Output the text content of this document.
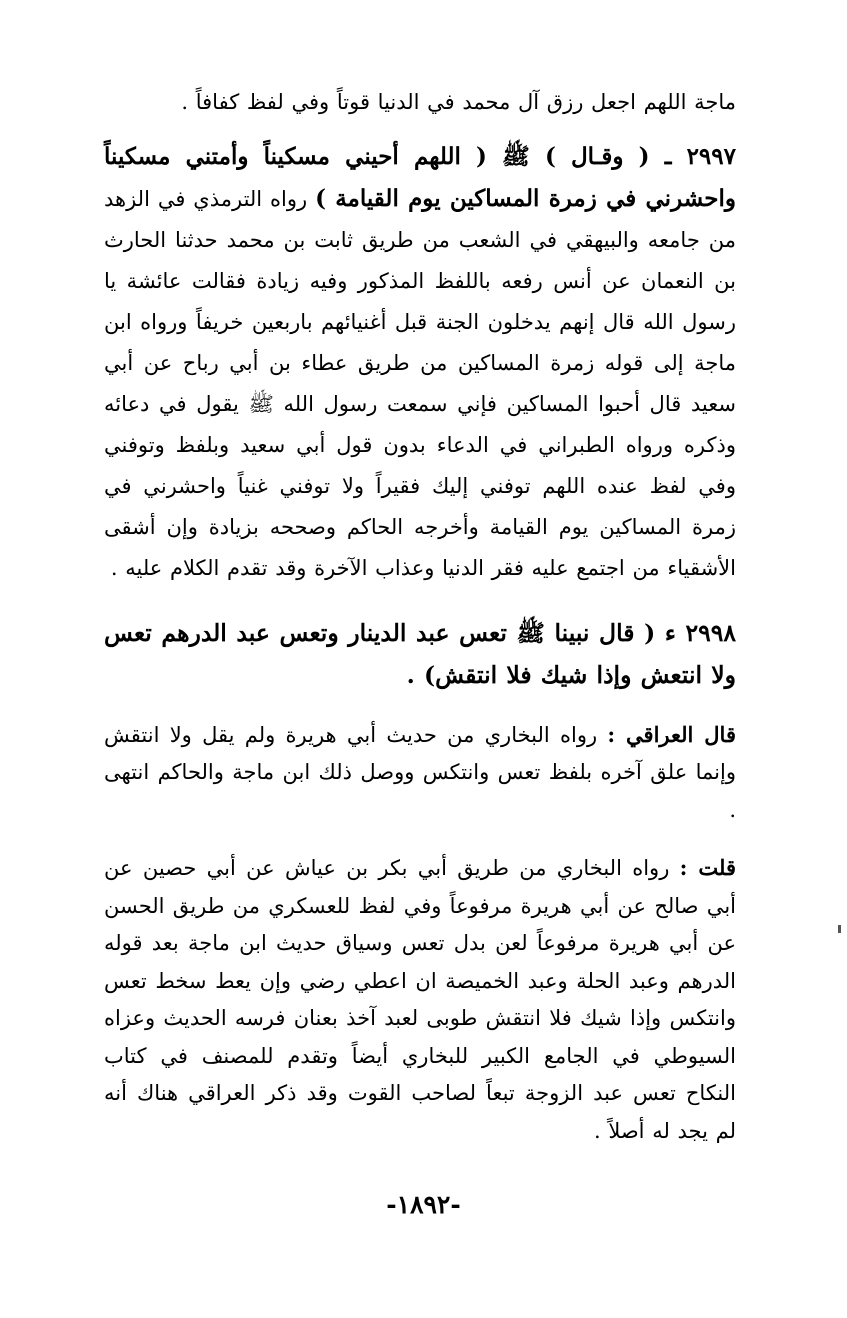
ماجة اللهم اجعل رزق آل محمد في الدنيا قوتاً وفي لفظ كفافاً .

٢٩٩٧ ـ ( وقـال ) ﷺ ( اللهم أحيني مسكيناً وأمتني مسكيناً واحشرني في زمرة المساكين يوم القيامة ) رواه الترمذي في الزهد من جامعه والبيهقي في الشعب من طريق ثابت بن محمد حدثنا الحارث بن النعمان عن أنس رفعه باللفظ المذكور وفيه زيادة فقالت عائشة يا رسول الله قال إنهم يدخلون الجنة قبل أغنيائهم باربعين خريفاً ورواه ابن ماجة إلى قوله زمرة المساكين من طريق عطاء بن أبي رباح عن أبي سعيد قال أحبوا المساكين فإني سمعت رسول الله ﷺ يقول في دعائه وذكره ورواه الطبراني في الدعاء بدون قول أبي سعيد وبلفظ وتوفني وفي لفظ عنده اللهم توفني إليك فقيراً ولا توفني غنياً واحشرني في زمرة المساكين يوم القيامة وأخرجه الحاكم وصححه بزيادة وإن أشقى الأشقياء من اجتمع عليه فقر الدنيا وعذاب الآخرة وقد تقدم الكلام عليه .

٢٩٩٨ ء ( قال نبينا ﷺ تعس عبد الدينار وتعس عبد الدرهم تعس ولا انتعش وإذا شيك فلا انتقش) .

قال العراقي : رواه البخاري من حديث أبي هريرة ولم يقل ولا انتقش وإنما علق آخره بلفظ تعس وانتكس ووصل ذلك ابن ماجة والحاكم انتهى .

قلت : رواه البخاري من طريق أبي بكر بن عياش عن أبي حصين عن أبي صالح عن أبي هريرة مرفوعاً وفي لفظ للعسكري من طريق الحسن عن أبي هريرة مرفوعاً لعن بدل تعس وسياق حديث ابن ماجة بعد قوله الدرهم وعبد الحلة وعبد الخميصة ان اعطي رضي وإن يعط سخط تعس وانتكس وإذا شيك فلا انتقش طوبى لعبد آخذ بعنان فرسه الحديث وعزاه السيوطي في الجامع الكبير للبخاري أيضاً وتقدم للمصنف في كتاب النكاح تعس عبد الزوجة تبعاً لصاحب القوت وقد ذكر العراقي هناك أنه لم يجد له أصلاً .

-١٨٩٢-
